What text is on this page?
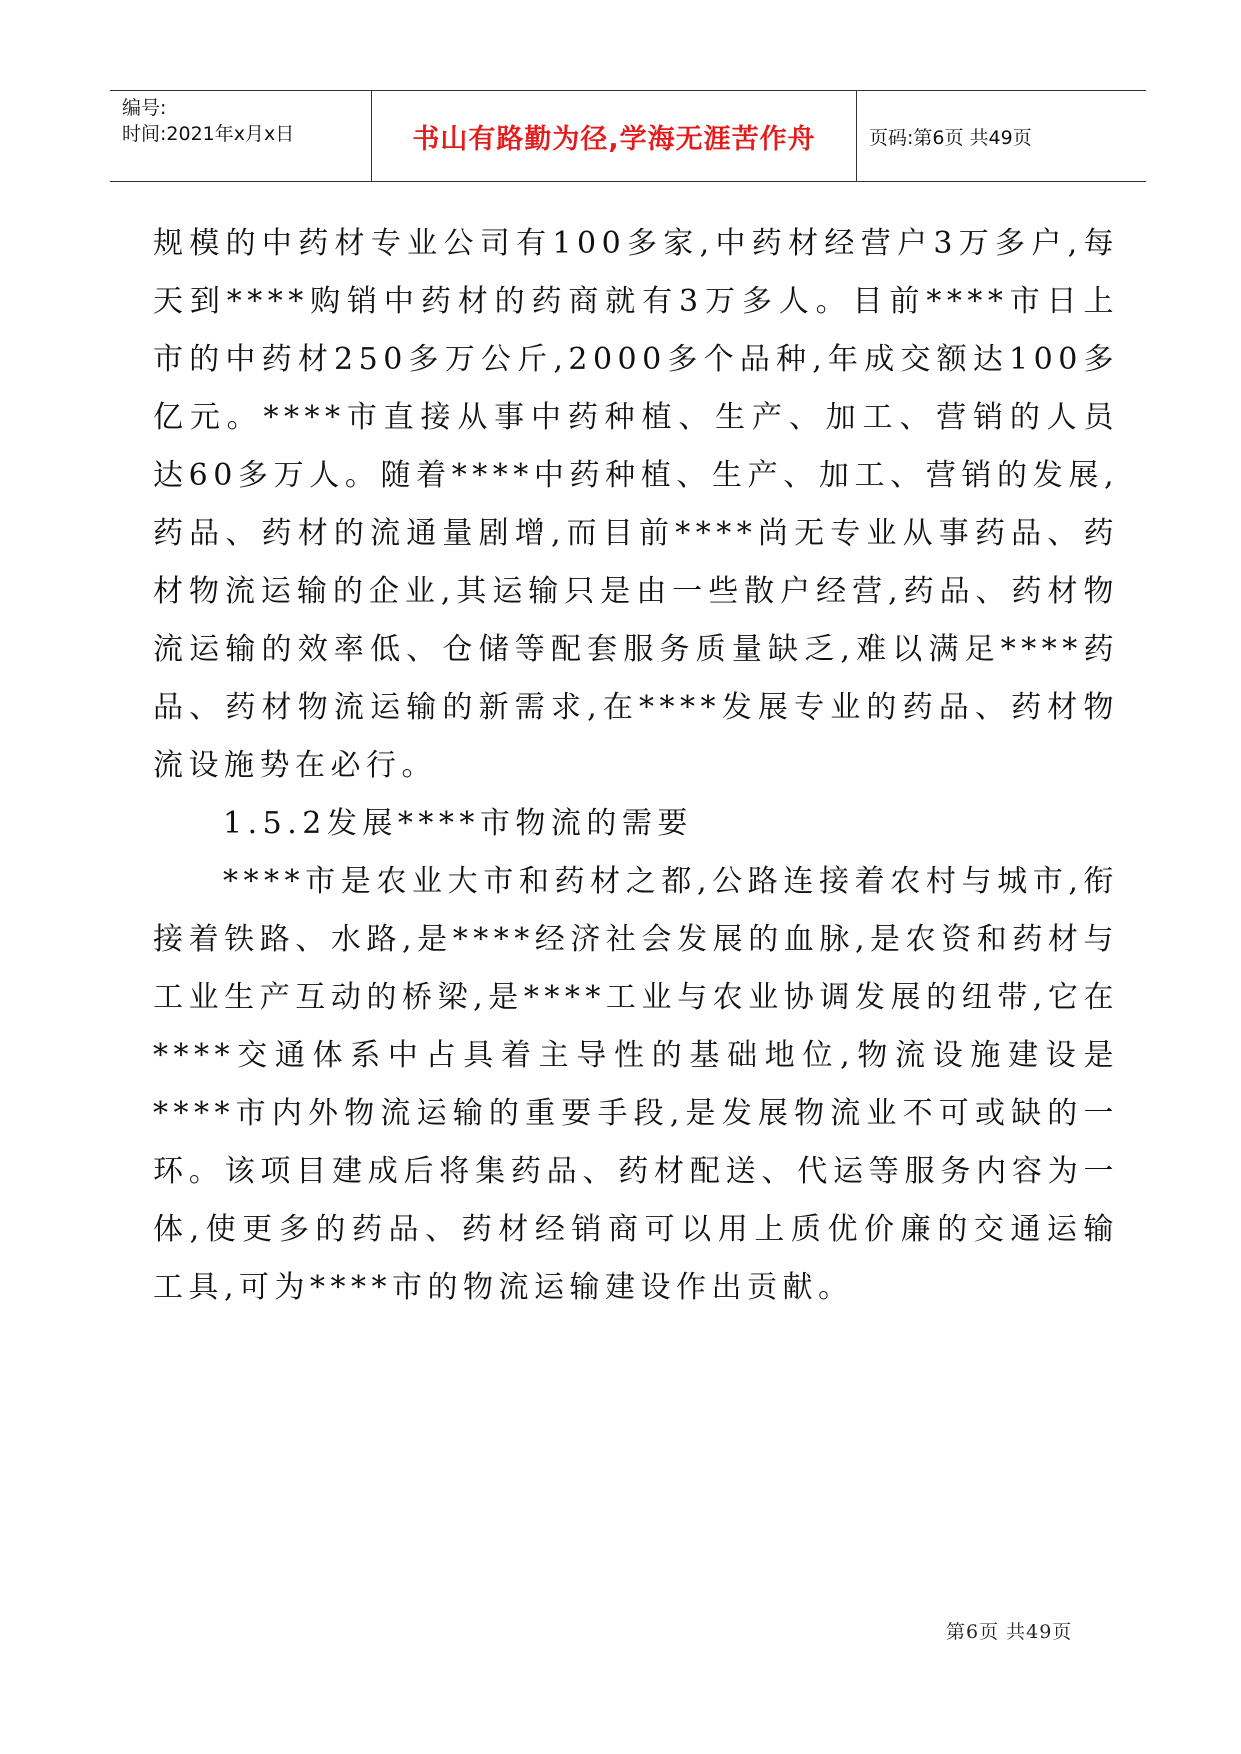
编号:
时间:2021年x月x日	书山有路勤为径,学海无涯苦作舟	页码:第6页 共49页

规模的中药材专业公司有100多家,中药材经营户3万多户,每天到****购销中药材的药商就有3万多人。目前****市日上市的中药材250多万公斤,2000多个品种,年成交额达100多亿元。****市直接从事中药种植、生产、加工、营销的人员达60多万人。随着****中药种植、生产、加工、营销的发展,药品、药材的流通量剧增,而目前****尚无专业从事药品、药材物流运输的企业,其运输只是由一些散户经营,药品、药材物流运输的效率低、仓储等配套服务质量缺乏,难以满足****药品、药材物流运输的新需求,在****发展专业的药品、药材物流设施势在必行。

1.5.2发展****市物流的需要

****市是农业大市和药材之都,公路连接着农村与城市,衔接着铁路、水路,是****经济社会发展的血脉,是农资和药材与工业生产互动的桥梁,是****工业与农业协调发展的纽带,它在****交通体系中占具着主导性的基础地位,物流设施建设是****市内外物流运输的重要手段,是发展物流业不可或缺的一环。该项目建成后将集药品、药材配送、代运等服务内容为一体,使更多的药品、药材经销商可以用上质优价廉的交通运输工具,可为****市的物流运输建设作出贡献。

第6页 共49页
